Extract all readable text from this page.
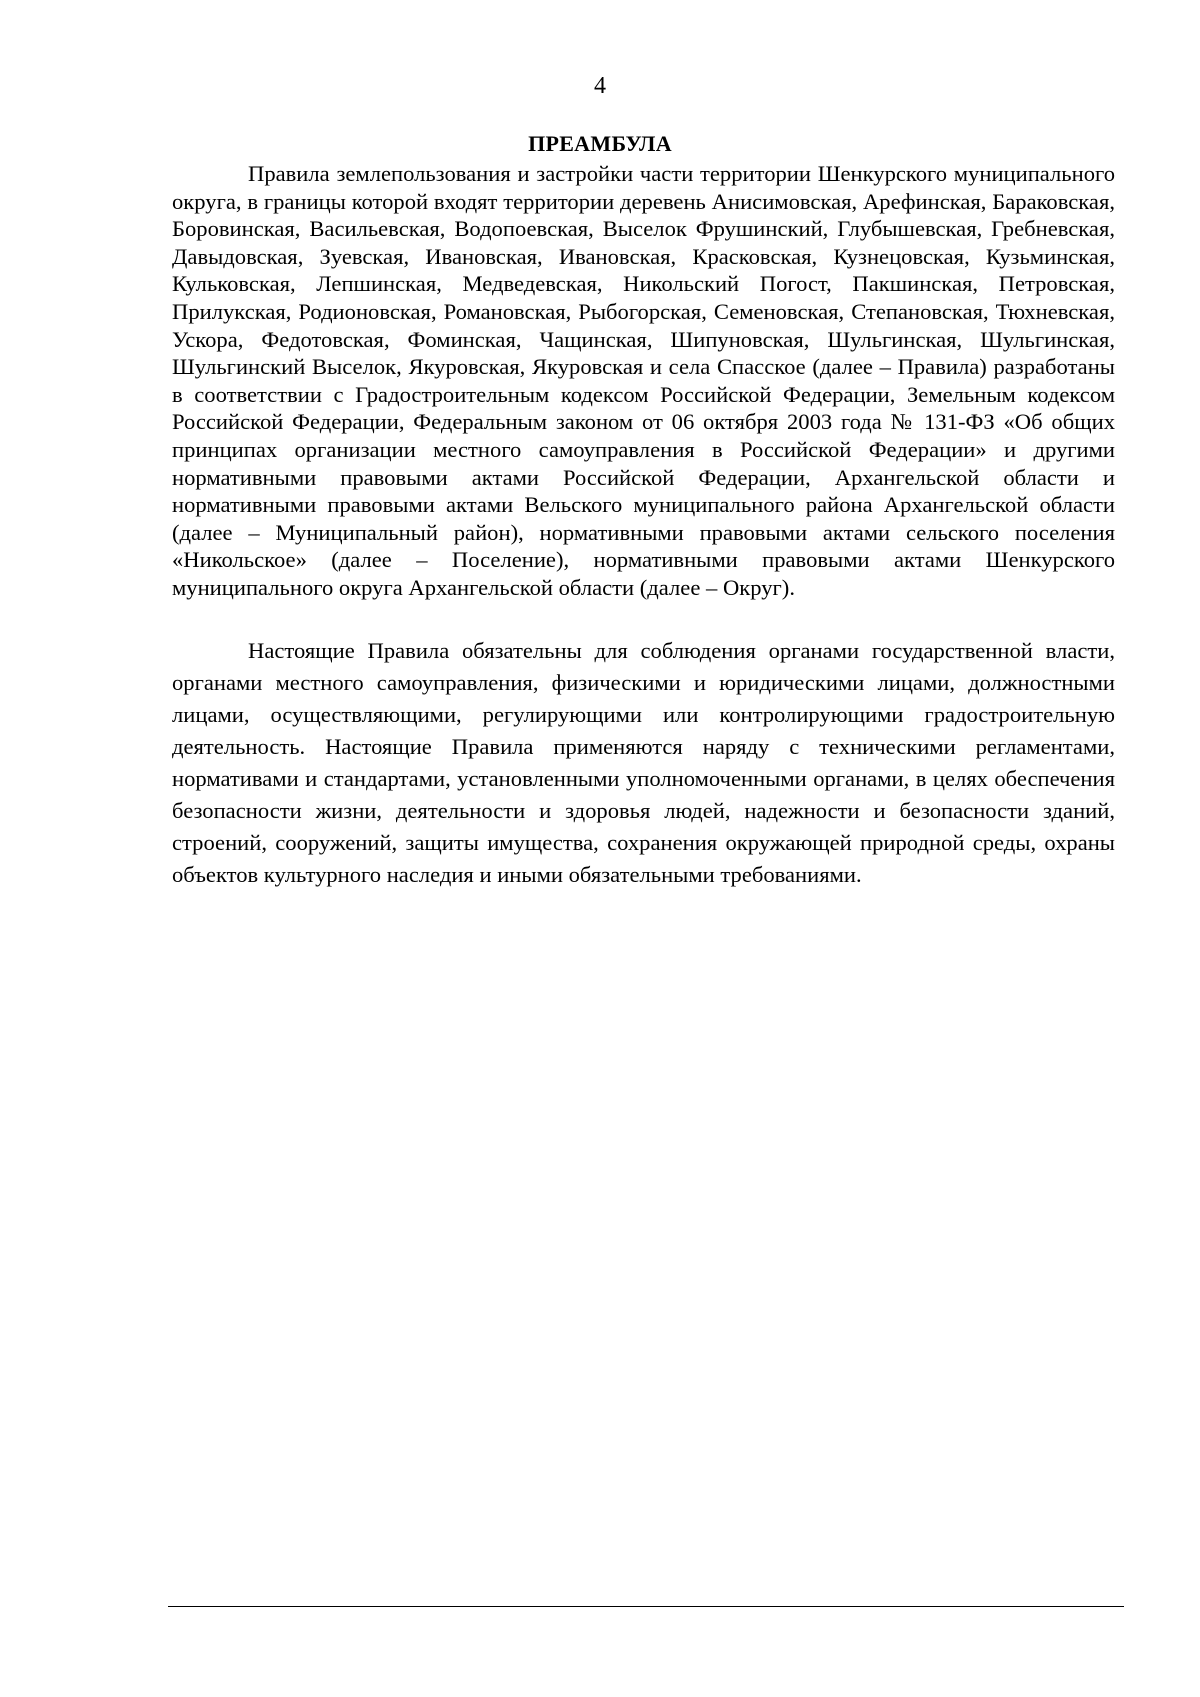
4
ПРЕАМБУЛА

Правила землепользования и застройки части территории Шенкурского муниципального округа, в границы которой входят территории деревень Анисимовская, Арефинская, Бараковская, Боровинская, Васильевская, Водопоевская, Выселок Фрушинский, Глубышевская, Гребневская, Давыдовская, Зуевская, Ивановская, Ивановская, Красковская, Кузнецовская, Кузьминская, Кульковская, Лепшинская, Медведевская, Никольский Погост, Пакшинская, Петровская, Прилукская, Родионовская, Романовская, Рыбогорская, Семеновская, Степановская, Тюхневская, Ускора, Федотовская, Фоминская, Чащинская, Шипуновская, Шульгинская, Шульгинская, Шульгинский Выселок, Якуровская, Якуровская и села Спасское (далее – Правила) разработаны в соответствии с Градостроительным кодексом Российской Федерации, Земельным кодексом Российской Федерации, Федеральным законом от 06 октября 2003 года № 131-ФЗ «Об общих принципах организации местного самоуправления в Российской Федерации» и другими нормативными правовыми актами Российской Федерации, Архангельской области и нормативными правовыми актами Вельского муниципального района Архангельской области (далее – Муниципальный район), нормативными правовыми актами сельского поселения «Никольское» (далее – Поселение), нормативными правовыми актами Шенкурского муниципального округа Архангельской области (далее – Округ).

Настоящие Правила обязательны для соблюдения органами государственной власти, органами местного самоуправления, физическими и юридическими лицами, должностными лицами, осуществляющими, регулирующими или контролирующими градостроительную деятельность. Настоящие Правила применяются наряду с техническими регламентами, нормативами и стандартами, установленными уполномоченными органами, в целях обеспечения безопасности жизни, деятельности и здоровья людей, надежности и безопасности зданий, строений, сооружений, защиты имущества, сохранения окружающей природной среды, охраны объектов культурного наследия и иными обязательными требованиями.
